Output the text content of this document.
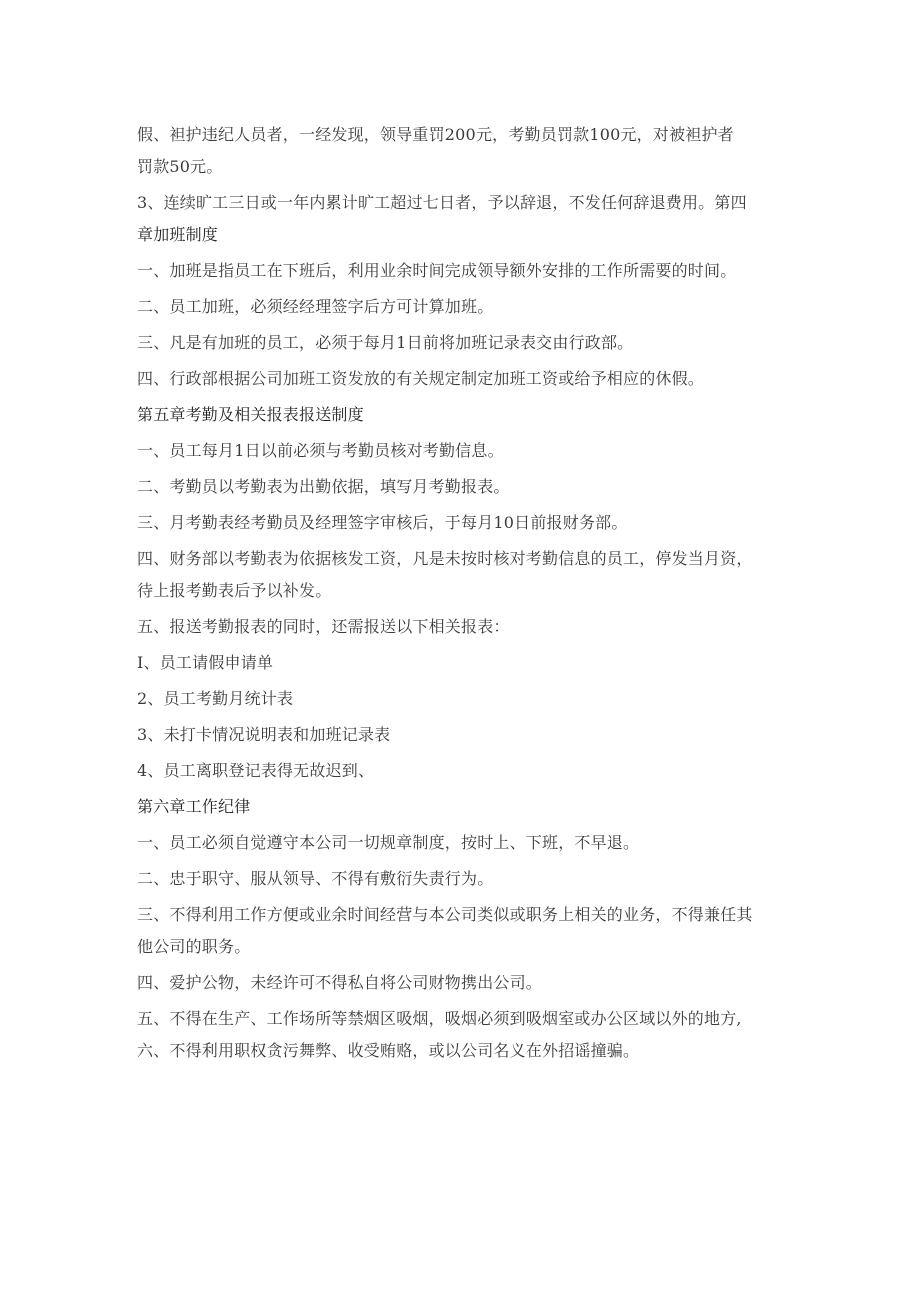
假、袒护违纪人员者，一经发现，领导重罚200元，考勤员罚款100元，对被袒护者
罚款50元。
3、连续旷工三日或一年内累计旷工超过七日者，予以辞退，不发任何辞退费用。第四
章加班制度
一、加班是指员工在下班后，利用业余时间完成领导额外安排的工作所需要的时间。
二、员工加班，必须经经理签字后方可计算加班。
三、凡是有加班的员工，必须于每月1日前将加班记录表交由行政部。
四、行政部根据公司加班工资发放的有关规定制定加班工资或给予相应的休假。
第五章考勤及相关报表报送制度
一、员工每月1日以前必须与考勤员核对考勤信息。
二、考勤员以考勤表为出勤依据，填写月考勤报表。
三、月考勤表经考勤员及经理签字审核后，于每月10日前报财务部。
四、财务部以考勤表为依据核发工资，凡是未按时核对考勤信息的员工，停发当月资，
待上报考勤表后予以补发。
五、报送考勤报表的同时，还需报送以下相关报表：
I、员工请假申请单
2、员工考勤月统计表
3、未打卡情况说明表和加班记录表
4、员工离职登记表得无故迟到、
第六章工作纪律
一、员工必须自觉遵守本公司一切规章制度，按时上、下班，不早退。
二、忠于职守、服从领导、不得有敷衍失责行为。
三、不得利用工作方便或业余时间经营与本公司类似或职务上相关的业务，不得兼任其
他公司的职务。
四、爱护公物，未经许可不得私自将公司财物携出公司。
五、不得在生产、工作场所等禁烟区吸烟，吸烟必须到吸烟室或办公区域以外的地方,
六、不得利用职权贪污舞弊、收受贿赂，或以公司名义在外招谣撞骗。
